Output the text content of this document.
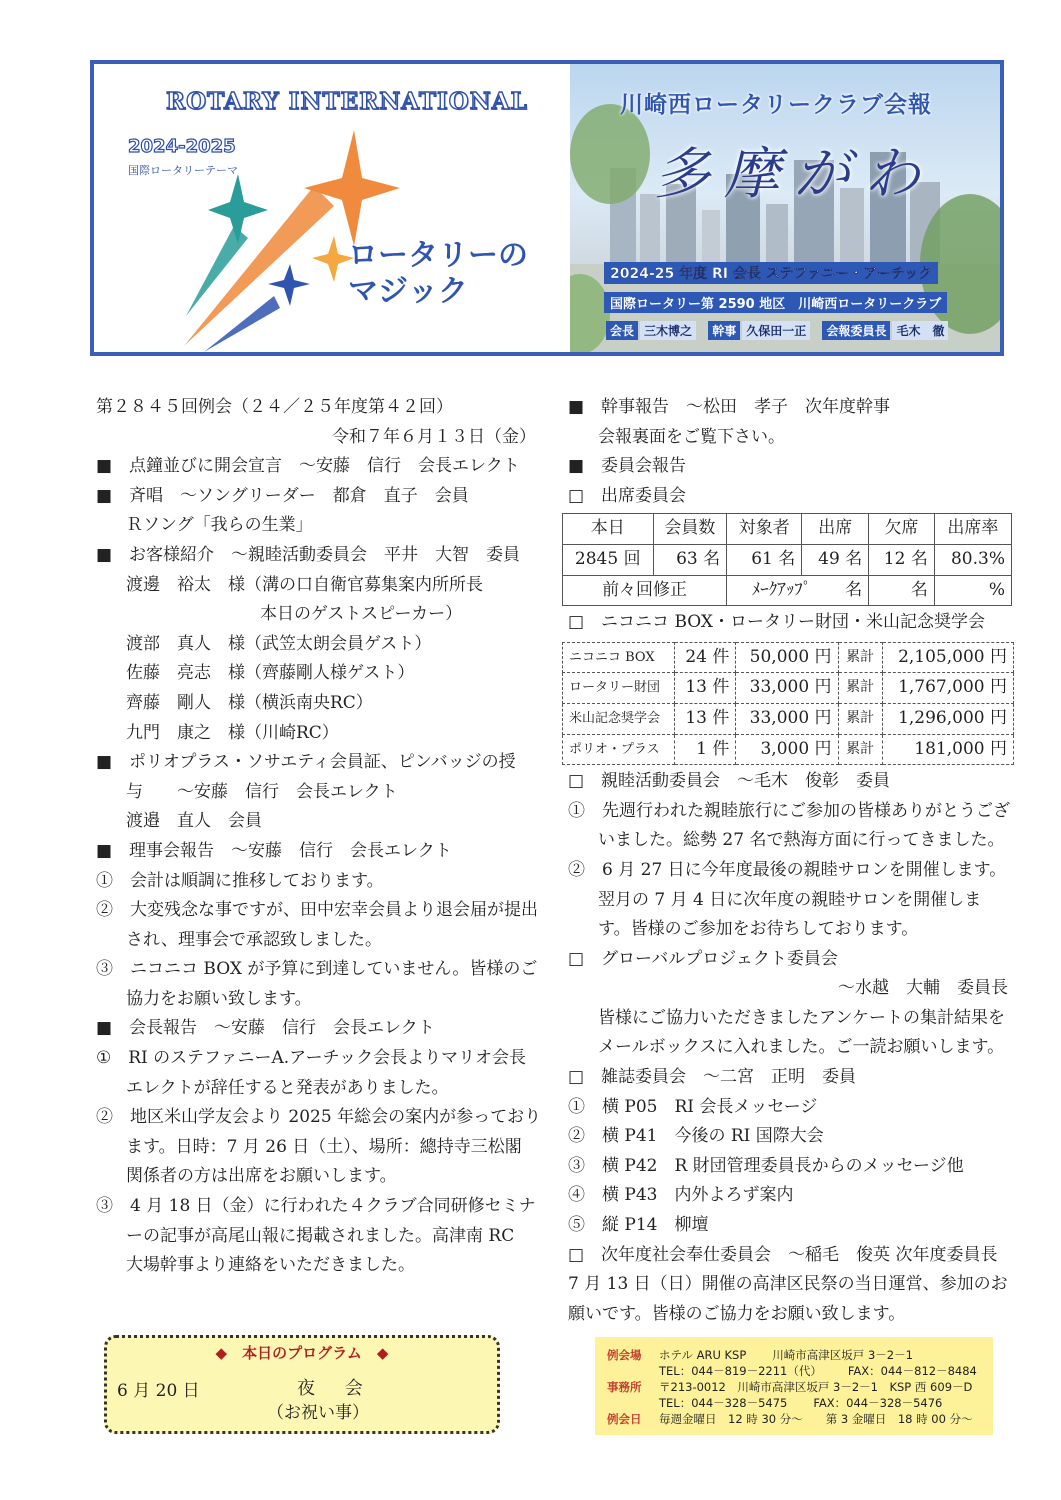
ROTARY INTERNATIONAL
2024-2025
国際ロータリーテーマ
ロータリーの
マジック
川崎西ロータリークラブ会報
多摩がわ
2024-25 年度 RI 会長 ステファニー・アーチック
国際ロータリー第 2590 地区　川崎西ロータリークラブ
会長 三木博之 幹事 久保田一正 会報委員長 毛木　徹
第２８４５回例会（２４／２５年度第４２回）
令和７年６月１３日（金）
■　点鐘並びに開会宣言　～安藤　信行　会長エレクト
■　斉唱　～ソングリーダー　都倉　直子　会員
Ｒソング「我らの生業」
■　お客様紹介　～親睦活動委員会　平井　大智　委員
渡邊　裕太　様（溝の口自衛官募集案内所所長
本日のゲストスピーカー）
渡部　真人　様（武笠太朗会員ゲスト）
佐藤　亮志　様（齊藤剛人様ゲスト）
齊藤　剛人　様（横浜南央RC）
九門　康之　様（川崎RC）
■　ポリオプラス・ソサエティ会員証、ピンバッジの授
与　　～安藤　信行　会長エレクト
渡邉　直人　会員
■　理事会報告　～安藤　信行　会長エレクト
①　会計は順調に推移しております。
②　大変残念な事ですが、田中宏幸会員より退会届が提出
され、理事会で承認致しました。
③　ニコニコ BOX が予算に到達していません。皆様のご
協力をお願い致します。
■　会長報告　～安藤　信行　会長エレクト
①　RI のステファニーA.アーチック会長よりマリオ会長
エレクトが辞任すると発表がありました。
②　地区米山学友会より 2025 年総会の案内が参っており
ます。日時：7 月 26 日（土）、場所：總持寺三松閣
関係者の方は出席をお願いします。
③　4 月 18 日（金）に行われた４クラブ合同研修セミナ
ーの記事が高尾山報に掲載されました。高津南 RC
大場幹事より連絡をいただきました。
■　幹事報告　～松田　孝子　次年度幹事
会報裏面をご覧下さい。
■　委員会報告
□　出席委員会
本日	会員数	対象者	出席	欠席	出席率
2845 回	63 名	61 名	49 名	12 名	80.3%
前々回修正		ﾒｰｸｱｯﾌﾟ　　名		名	%
□　ニコニコ BOX・ロータリー財団・米山記念奨学会
ニコニコ BOX	24 件	50,000 円	累計	2,105,000 円
ロータリー財団	13 件	33,000 円	累計	1,767,000 円
米山記念奨学会	13 件	33,000 円	累計	1,296,000 円
ポリオ・プラス	1 件	3,000 円	累計	181,000 円
□　親睦活動委員会　～毛木　俊彰　委員
①　先週行われた親睦旅行にご参加の皆様ありがとうござ
いました。総勢 27 名で熱海方面に行ってきました。
②　6 月 27 日に今年度最後の親睦サロンを開催します。
翌月の 7 月 4 日に次年度の親睦サロンを開催しま
す。皆様のご参加をお待ちしております。
□　グローバルプロジェクト委員会
～水越　大輔　委員長
皆様にご協力いただきましたアンケートの集計結果を
メールボックスに入れました。ご一読お願いします。
□　雑誌委員会　～二宮　正明　委員
①　横 P05　RI 会長メッセージ
②　横 P41　今後の RI 国際大会
③　横 P42　R 財団管理委員長からのメッセージ他
④　横 P43　内外よろず案内
⑤　縦 P14　柳壇
□　次年度社会奉仕委員会　～稲毛　俊英 次年度委員長
7 月 13 日（日）開催の高津区民祭の当日運営、参加のお
願いです。皆様のご協力をお願い致します。
◆　本日のプログラム　◆
6 月 20 日	夜 会
（お祝い事）
例会場 ホテル ARU KSP 川崎市高津区坂戸 3－2－1
TEL：044－819－2211（代） FAX：044－812－8484
事務所 〒213-0012　川崎市高津区坂戸 3－2－1　KSP 西 609－D
TEL：044－328－5475 FAX：044－328－5476
例会日 毎週金曜日　12 時 30 分～　　第 3 金曜日　18 時 00 分～
